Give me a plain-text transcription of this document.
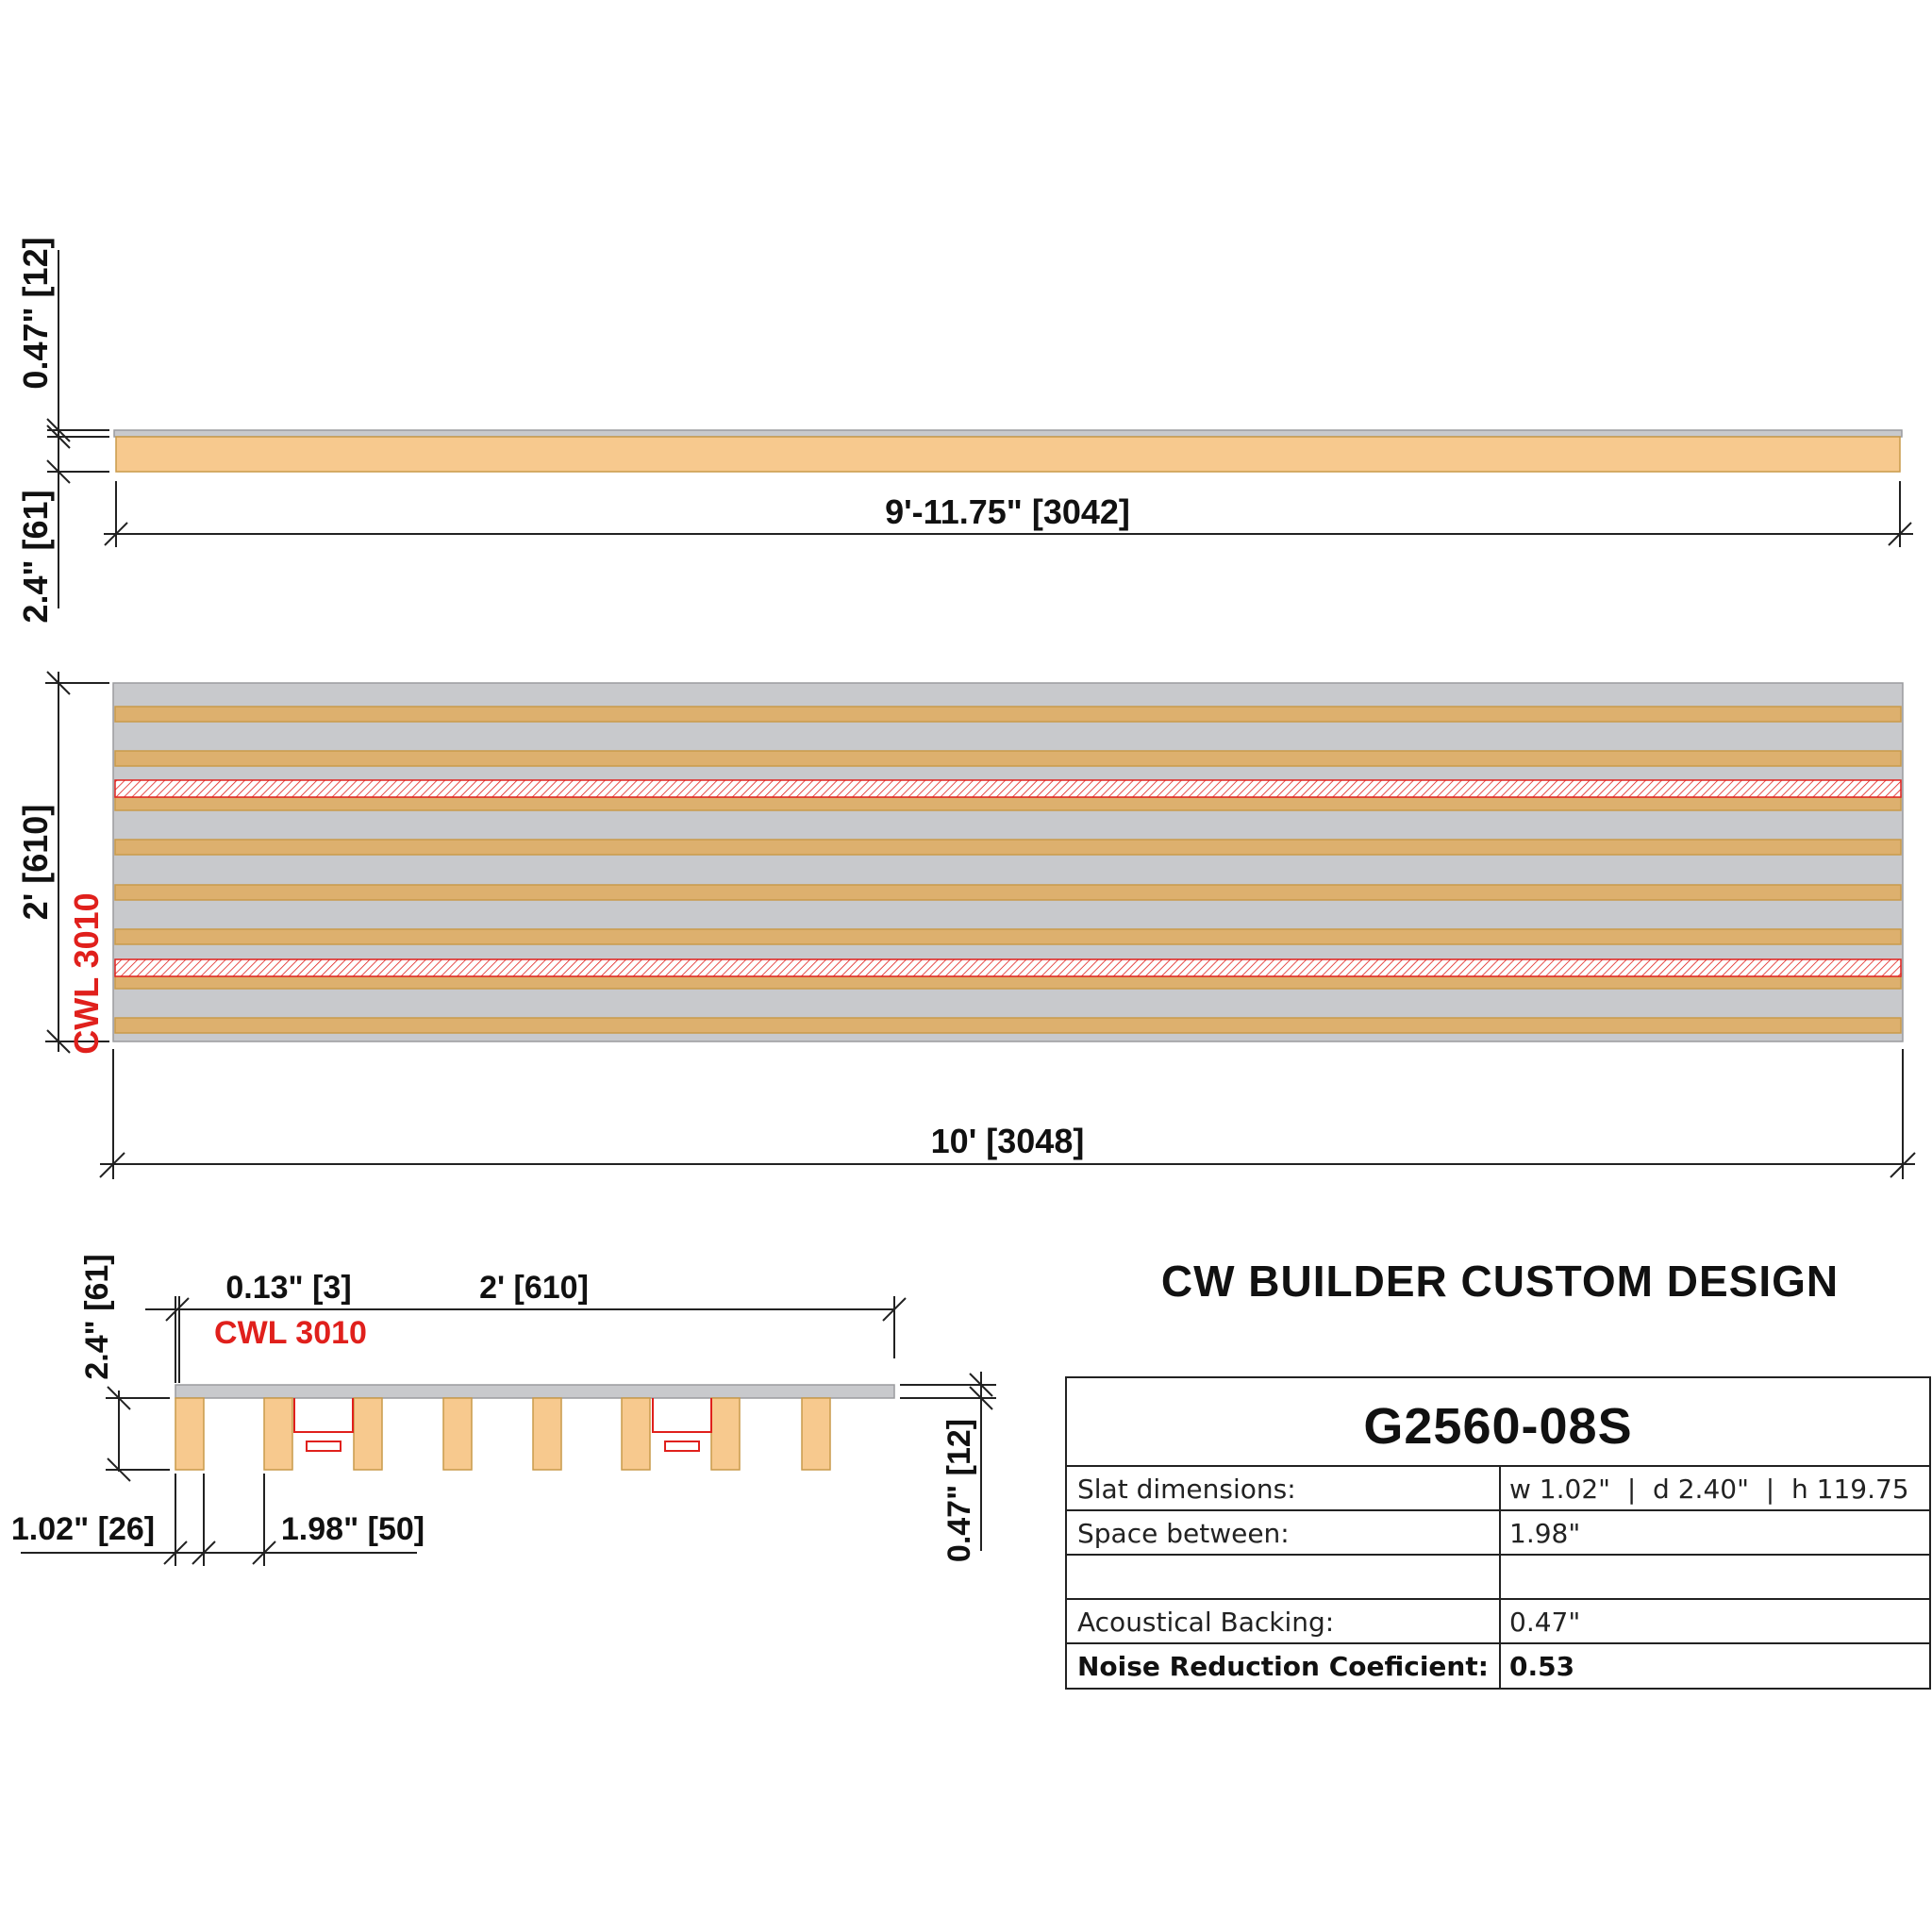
0.47" [12]
2.4" [61]	9'-11.75" [3042]
2' [610]
CWL 3010
10' [3048]
0.13" [3]	2' [610]
CWL 3010
2.4" [61]
0.47" [12]
1.02" [26]	1.98" [50]
CW BUILDER CUSTOM DESIGN
G2560-08S
Slat dimensions:	w 1.02"  |  d 2.40"  |  h 119.75
Space between:	1.98"
Acoustical Backing:	0.47"
Noise Reduction Coeficient: 0.53
